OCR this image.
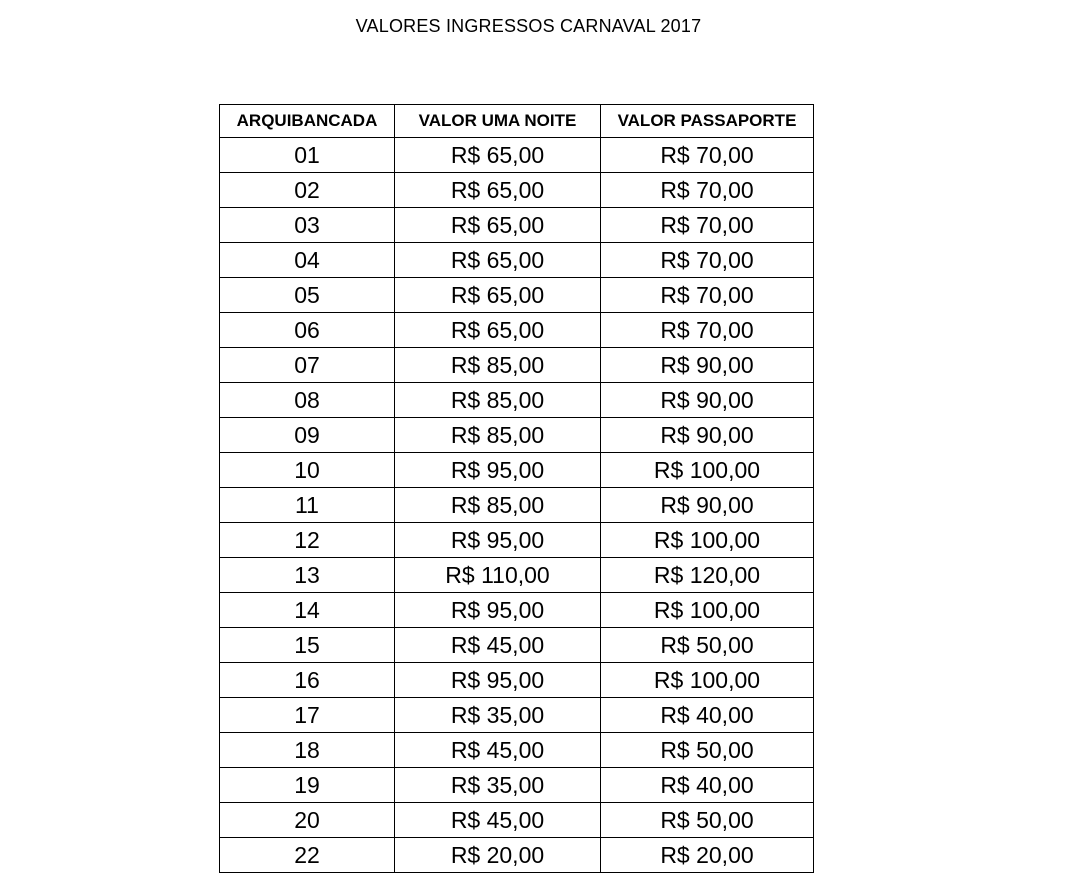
VALORES INGRESSOS CARNAVAL 2017
ARQUIBANCADA	VALOR UMA NOITE	VALOR PASSAPORTE
01	R$ 65,00	R$ 70,00
02	R$ 65,00	R$ 70,00
03	R$ 65,00	R$ 70,00
04	R$ 65,00	R$ 70,00
05	R$ 65,00	R$ 70,00
06	R$ 65,00	R$ 70,00
07	R$ 85,00	R$ 90,00
08	R$ 85,00	R$ 90,00
09	R$ 85,00	R$ 90,00
10	R$ 95,00	R$ 100,00
11	R$ 85,00	R$ 90,00
12	R$ 95,00	R$ 100,00
13	R$ 110,00	R$ 120,00
14	R$ 95,00	R$ 100,00
15	R$ 45,00	R$ 50,00
16	R$ 95,00	R$ 100,00
17	R$ 35,00	R$ 40,00
18	R$ 45,00	R$ 50,00
19	R$ 35,00	R$ 40,00
20	R$ 45,00	R$ 50,00
22	R$ 20,00	R$ 20,00
